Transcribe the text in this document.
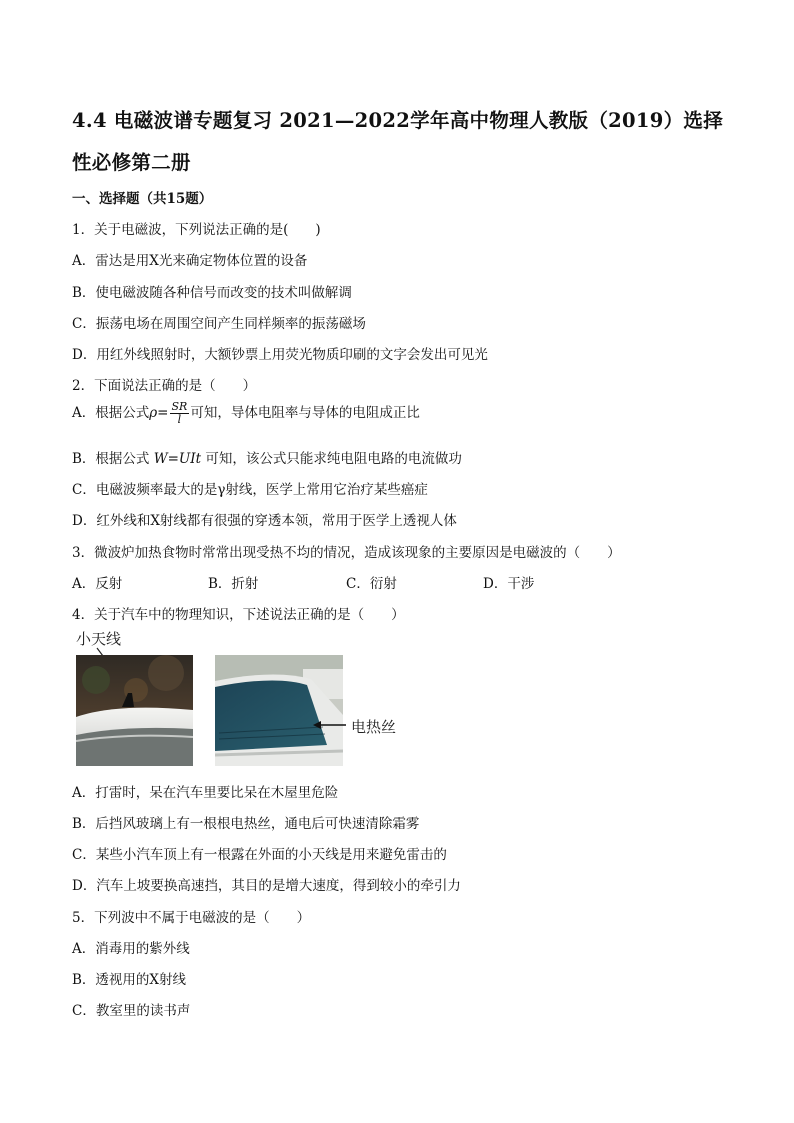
4.4 电磁波谱专题复习 2021—2022学年高中物理人教版（2019）选择性必修第二册
一、选择题（共15题）
1．关于电磁波，下列说法正确的是(　　)
A．雷达是用X光来确定物体位置的设备
B．使电磁波随各种信号而改变的技术叫做解调
C．振荡电场在周围空间产生同样频率的振荡磁场
D．用红外线照射时，大额钞票上用荧光物质印刷的文字会发出可见光
2．下面说法正确的是（　　）
A．根据公式$\rho= \frac{SR}{l}$ 可知，导体电阻率与导体的电阻成正比
B．根据公式 W=UIt 可知，该公式只能求纯电阻电路的电流做功
C．电磁波频率最大的是γ射线，医学上常用它治疗某些癌症
D．红外线和X射线都有很强的穿透本领，常用于医学上透视人体
3．微波炉加热食物时常常出现受热不均的情况，造成该现象的主要原因是电磁波的（　　）
A．反射	B．折射	C．衍射	D．干涉
4．关于汽车中的物理知识，下述说法正确的是（　　）
小天线
电热丝
A．打雷时，呆在汽车里要比呆在木屋里危险
B．后挡风玻璃上有一根根电热丝，通电后可快速清除霜雾
C．某些小汽车顶上有一根露在外面的小天线是用来避免雷击的
D．汽车上坡要换高速挡，其目的是增大速度，得到较小的牵引力
5．下列波中不属于电磁波的是（　　）
A．消毒用的紫外线
B．透视用的X射线
C．教室里的读书声
